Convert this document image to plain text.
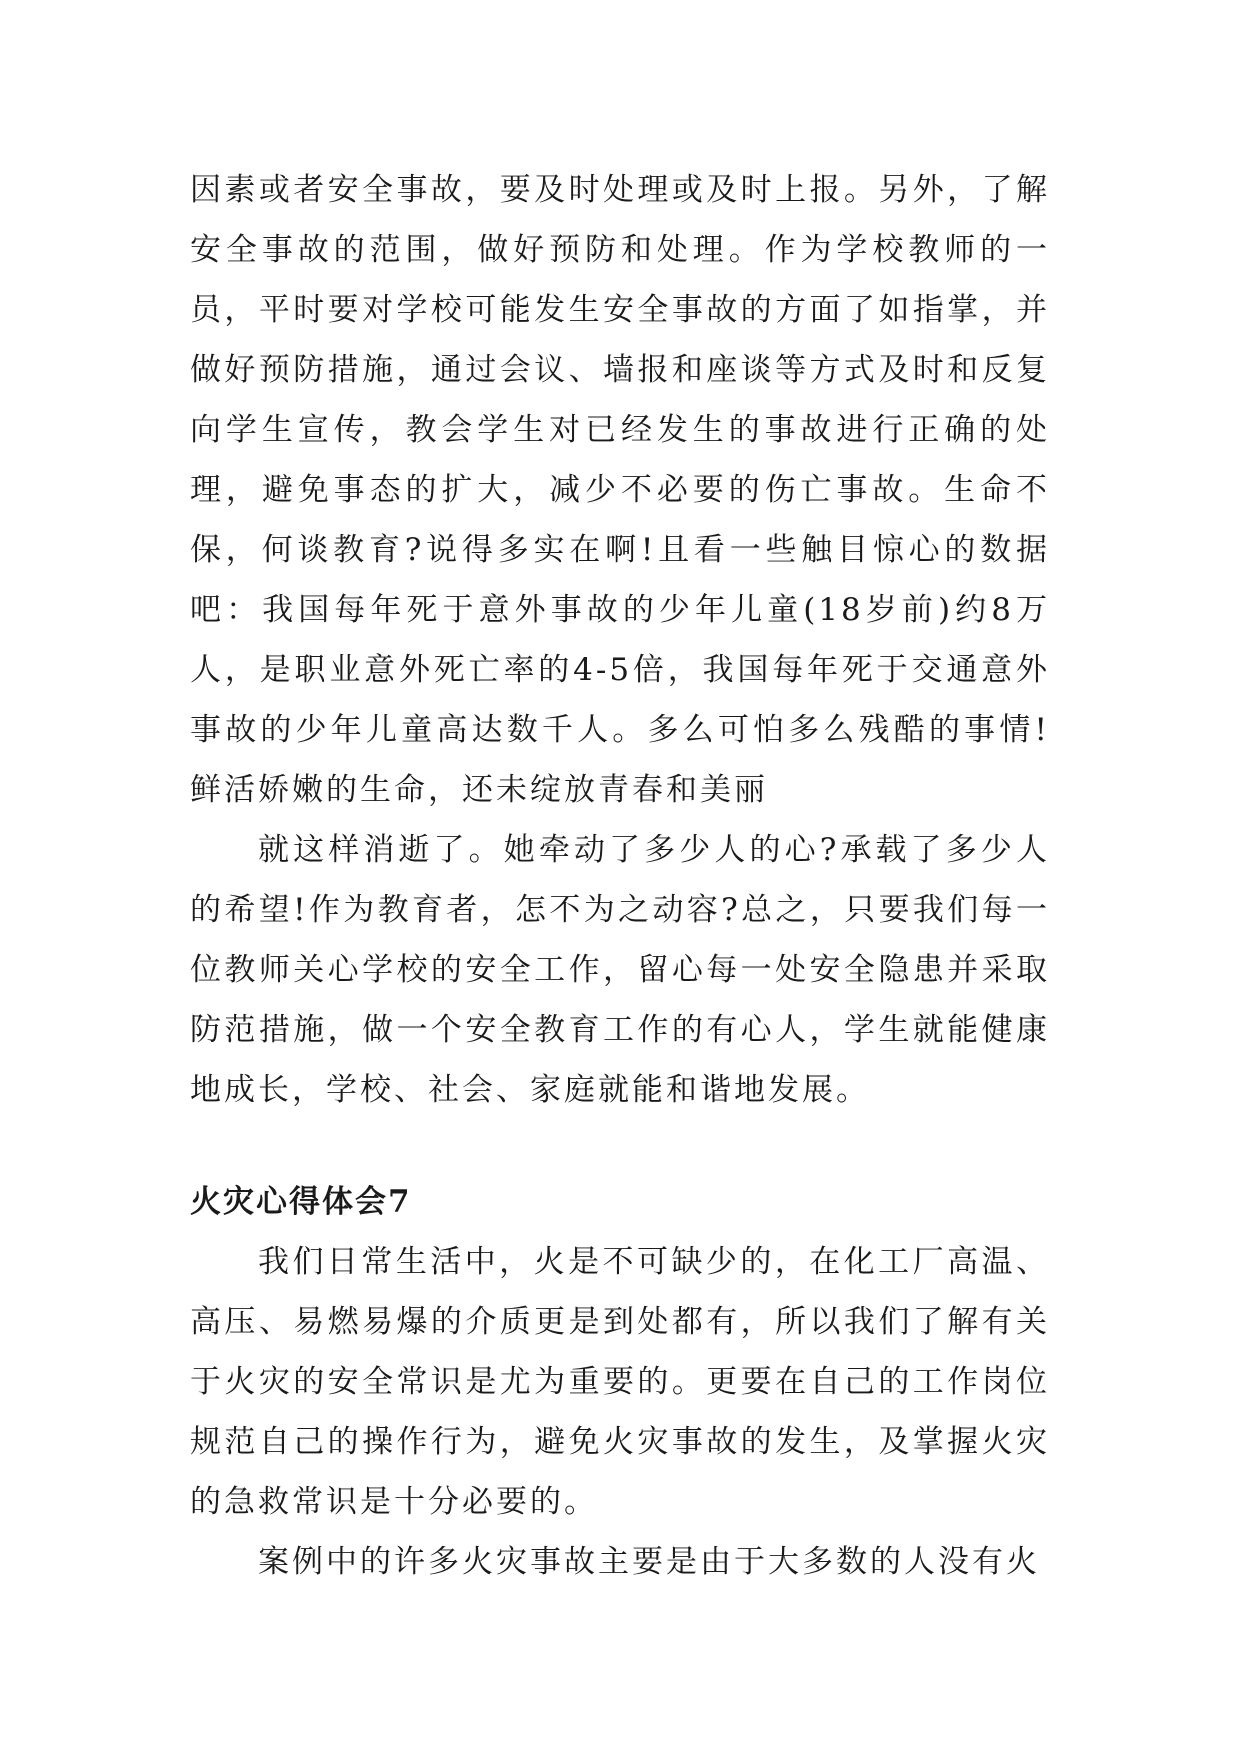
因素或者安全事故，要及时处理或及时上报。另外，了解安全事故的范围，做好预防和处理。作为学校教师的一员，平时要对学校可能发生安全事故的方面了如指掌，并做好预防措施，通过会议、墙报和座谈等方式及时和反复向学生宣传，教会学生对已经发生的事故进行正确的处理，避免事态的扩大，减少不必要的伤亡事故。生命不保，何谈教育?说得多实在啊!且看一些触目惊心的数据吧：我国每年死于意外事故的少年儿童(18岁前)约8万人，是职业意外死亡率的4-5倍，我国每年死于交通意外事故的少年儿童高达数千人。多么可怕多么残酷的事情!鲜活娇嫩的生命，还未绽放青春和美丽

就这样消逝了。她牵动了多少人的心?承载了多少人的希望!作为教育者，怎不为之动容?总之，只要我们每一位教师关心学校的安全工作，留心每一处安全隐患并采取防范措施，做一个安全教育工作的有心人，学生就能健康地成长，学校、社会、家庭就能和谐地发展。

火灾心得体会7

我们日常生活中，火是不可缺少的，在化工厂高温、高压、易燃易爆的介质更是到处都有，所以我们了解有关于火灾的安全常识是尤为重要的。更要在自己的工作岗位规范自己的操作行为，避免火灾事故的发生，及掌握火灾的急救常识是十分必要的。

案例中的许多火灾事故主要是由于大多数的人没有火
